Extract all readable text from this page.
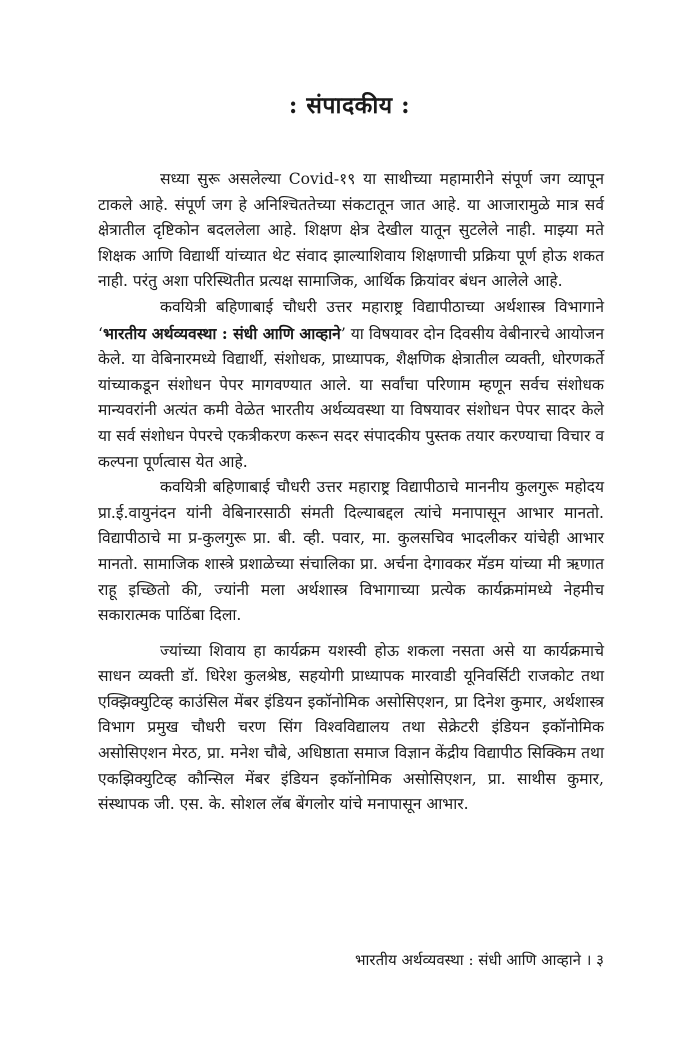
: संपादकीय :

सध्या सुरू असलेल्या Covid-१९ या साथीच्या महामारीने संपूर्ण जग व्यापून टाकले आहे. संपूर्ण जग हे अनिश्चिततेच्या संकटातून जात आहे. या आजारामुळे मात्र सर्व क्षेत्रातील दृष्टिकोन बदललेला आहे. शिक्षण क्षेत्र देखील यातून सुटलेले नाही. माझ्या मते शिक्षक आणि विद्यार्थी यांच्यात थेट संवाद झाल्याशिवाय शिक्षणाची प्रक्रिया पूर्ण होऊ शकत नाही. परंतु अशा परिस्थितीत प्रत्यक्ष सामाजिक, आर्थिक क्रियांवर बंधन आलेले आहे.

कवयित्री बहिणाबाई चौधरी उत्तर महाराष्ट्र विद्यापीठाच्या अर्थशास्त्र विभागाने ‘भारतीय अर्थव्यवस्था : संधी आणि आव्हाने’ या विषयावर दोन दिवसीय वेबीनारचे आयोजन केले. या वेबिनारमध्ये विद्यार्थी, संशोधक, प्राध्यापक, शैक्षणिक क्षेत्रातील व्यक्ती, धोरणकर्ते यांच्याकडून संशोधन पेपर मागवण्यात आले. या सर्वांचा परिणाम म्हणून सर्वच संशोधक मान्यवरांनी अत्यंत कमी वेळेत भारतीय अर्थव्यवस्था या विषयावर संशोधन पेपर सादर केले या सर्व संशोधन पेपरचे एकत्रीकरण करून सदर संपादकीय पुस्तक तयार करण्याचा विचार व कल्पना पूर्णत्वास येत आहे.

कवयित्री बहिणाबाई चौधरी उत्तर महाराष्ट्र विद्यापीठाचे माननीय कुलगुरू महोदय प्रा.ई.वायुनंदन यांनी वेबिनारसाठी संमती दिल्याबद्दल त्यांचे मनापासून आभार मानतो. विद्यापीठाचे मा प्र-कुलगुरू प्रा. बी. व्ही. पवार, मा. कुलसचिव भादलीकर यांचेही आभार मानतो. सामाजिक शास्त्रे प्रशाळेच्या संचालिका प्रा. अर्चना देगावकर मॅडम यांच्या मी ऋणात राहू इच्छितो की, ज्यांनी मला अर्थशास्त्र विभागाच्या प्रत्येक कार्यक्रमांमध्ये नेहमीच सकारात्मक पाठिंबा दिला.

ज्यांच्या शिवाय हा कार्यक्रम यशस्वी होऊ शकला नसता असे या कार्यक्रमाचे साधन व्यक्ती डॉ. धिरेश कुलश्रेष्ठ, सहयोगी प्राध्यापक मारवाडी यूनिवर्सिटी राजकोट तथा एक्झिक्युटिव्ह काउंसिल मेंबर इंडियन इकॉनोमिक असोसिएशन, प्रा दिनेश कुमार, अर्थशास्त्र विभाग प्रमुख चौधरी चरण सिंग विश्वविद्यालय तथा सेक्रेटरी इंडियन इकॉनोमिक असोसिएशन मेरठ, प्रा. मनेश चौबे, अधिष्ठाता समाज विज्ञान केंद्रीय विद्यापीठ सिक्किम तथा एकझिक्युटिव्ह कौन्सिल मेंबर इंडियन इकॉनोमिक असोसिएशन, प्रा. साथीस कुमार, संस्थापक जी. एस. के. सोशल लॅब बेंगलोर यांचे मनापासून आभार.

भारतीय अर्थव्यवस्था : संधी आणि आव्हाने । ३
